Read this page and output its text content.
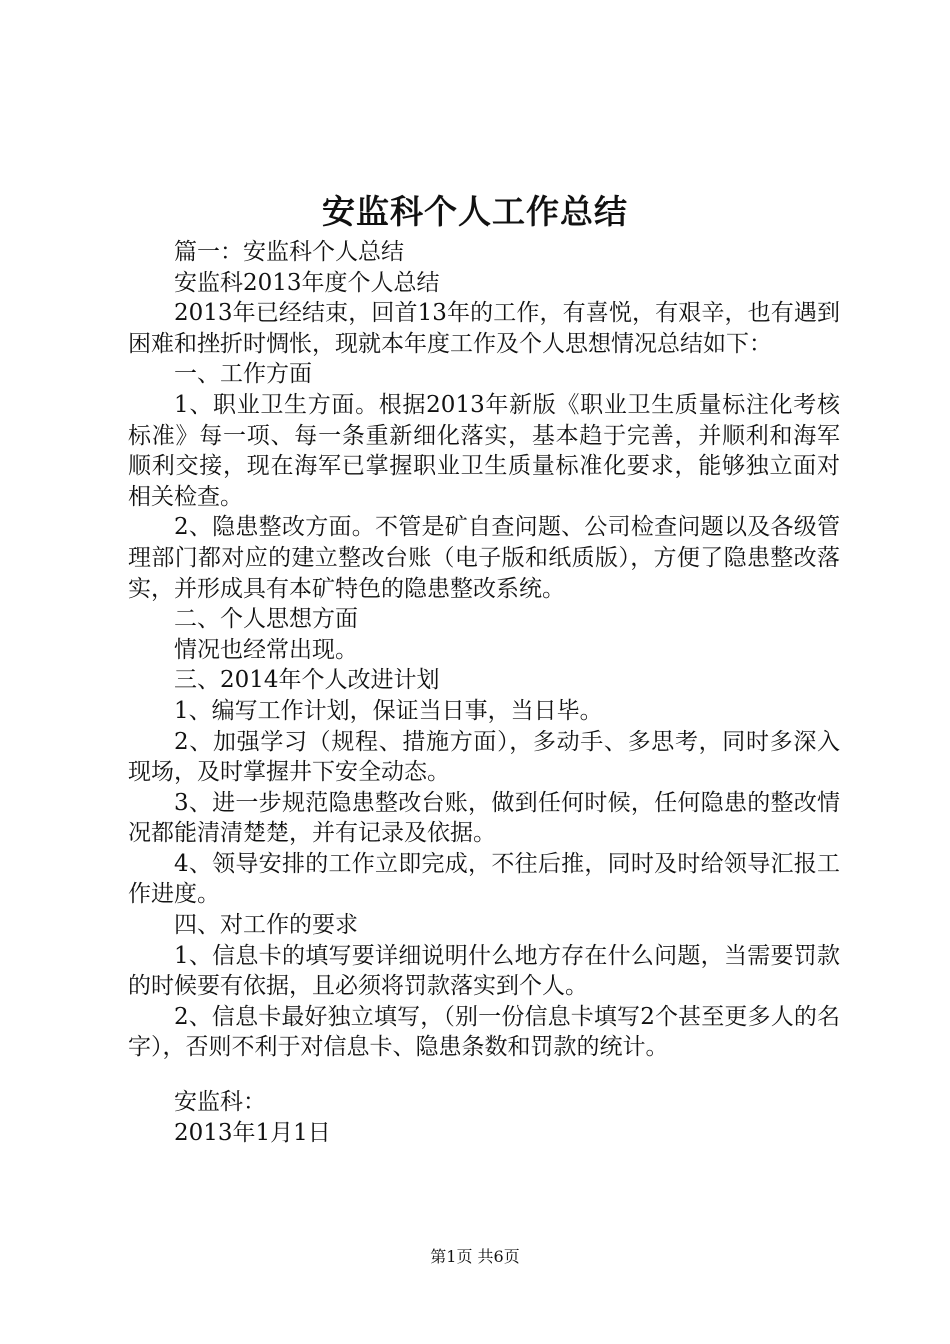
安监科个人工作总结

篇一：安监科个人总结

安监科2013年度个人总结

2013年已经结束，回首13年的工作，有喜悦，有艰辛，也有遇到困难和挫折时惆怅，现就本年度工作及个人思想情况总结如下：

一、工作方面

1、职业卫生方面。根据2013年新版《职业卫生质量标注化考核标准》每一项、每一条重新细化落实，基本趋于完善，并顺利和海军顺利交接，现在海军已掌握职业卫生质量标准化要求，能够独立面对相关检查。

2、隐患整改方面。不管是矿自查问题、公司检查问题以及各级管理部门都对应的建立整改台账（电子版和纸质版），方便了隐患整改落实，并形成具有本矿特色的隐患整改系统。

二、个人思想方面

情况也经常出现。

三、2014年个人改进计划

1、编写工作计划，保证当日事，当日毕。

2、加强学习（规程、措施方面），多动手、多思考，同时多深入现场，及时掌握井下安全动态。

3、进一步规范隐患整改台账，做到任何时候，任何隐患的整改情况都能清清楚楚，并有记录及依据。

4、领导安排的工作立即完成，不往后推，同时及时给领导汇报工作进度。

四、对工作的要求

1、信息卡的填写要详细说明什么地方存在什么问题，当需要罚款的时候要有依据，且必须将罚款落实到个人。

2、信息卡最好独立填写，（别一份信息卡填写2个甚至更多人的名字），否则不利于对信息卡、隐患条数和罚款的统计。

安监科：

2013年1月1日

第1页 共6页
